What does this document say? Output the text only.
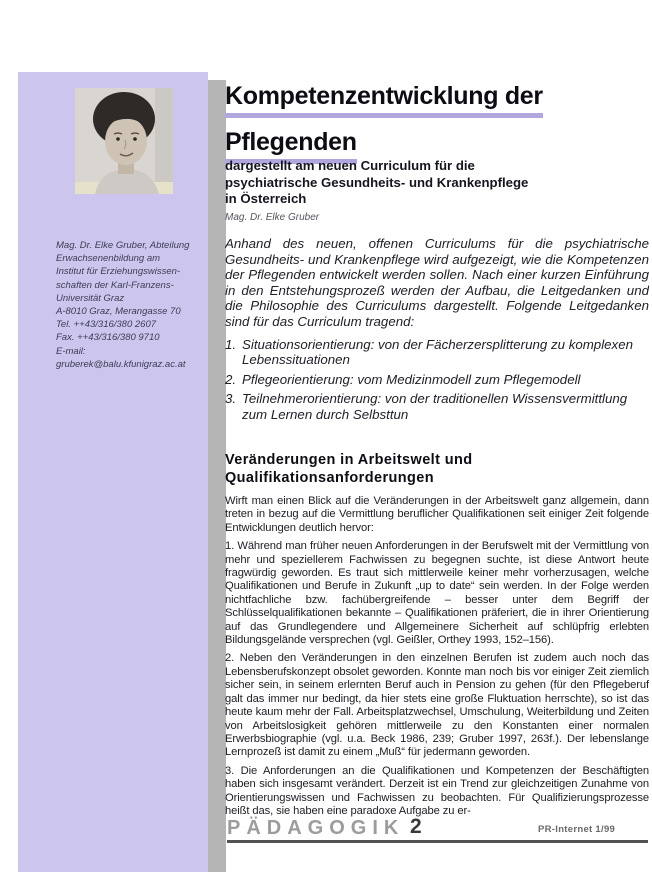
Mag. Dr. Elke Gruber, Abteilung
Erwachsenenbildung am
Institut für Erziehungswissen-
schaften der Karl-Franzens-
Universität Graz
A-8010 Graz, Merangasse 70
Tel. ++43/316/380 2607
Fax. ++43/316/380 9710
E-mail:
gruberek@balu.kfunigraz.ac.at
Kompetenzentwicklung der
Pflegenden
dargestellt am neuen Curriculum für die
psychiatrische Gesundheits- und Krankenpflege
in Österreich
Mag. Dr. Elke Gruber

Anhand des neuen, offenen Curriculums für die psychiatrische Gesundheits- und Krankenpflege wird aufgezeigt, wie die Kompetenzen der Pflegenden entwickelt werden sollen. Nach einer kurzen Einführung in den Entstehungsprozeß werden der Aufbau, die Leitgedanken und die Philosophie des Curriculums dargestellt. Folgende Leitgedanken sind für das Curriculum tragend:

1. Situationsorientierung: von der Fächerzersplitterung zu komplexen Lebenssituationen
2. Pflegeorientierung: vom Medizinmodell zum Pflegemodell
3. Teilnehmerorientierung: von der traditionellen Wissensvermittlung zum Lernen durch Selbsttun
Veränderungen in Arbeitswelt und
Qualifikationsanforderungen

Wirft man einen Blick auf die Veränderungen in der Arbeitswelt ganz allgemein, dann treten in bezug auf die Vermittlung beruflicher Qualifikationen seit einiger Zeit folgende Entwicklungen deutlich hervor:

1. Während man früher neuen Anforderungen in der Berufswelt mit der Vermittlung von mehr und speziellerem Fachwissen zu begegnen suchte, ist diese Antwort heute fragwürdig geworden. Es traut sich mittlerweile keiner mehr vorherzusagen, welche Qualifikationen und Berufe in Zukunft „up to date“ sein werden. In der Folge werden nichtfachliche bzw. fachübergreifende – besser unter dem Begriff der Schlüsselqualifikationen bekannte – Qualifikationen präferiert, die in ihrer Orientierung auf das Grundlegendere und Allgemeinere Sicherheit auf schlüpfrig erlebten Bildungsgelände versprechen (vgl. Geißler, Orthey 1993, 152–156).

2. Neben den Veränderungen in den einzelnen Berufen ist zudem auch noch das Lebensberufskonzept obsolet geworden. Konnte man noch bis vor einiger Zeit ziemlich sicher sein, in seinem erlernten Beruf auch in Pension zu gehen (für den Pflegeberuf galt das immer nur bedingt, da hier stets eine große Fluktuation herrschte), so ist das heute kaum mehr der Fall. Arbeitsplatzwechsel, Umschulung, Weiterbildung und Zeiten von Arbeitslosigkeit gehören mittlerweile zu den Konstanten einer normalen Erwerbsbiographie (vgl. u.a. Beck 1986, 239; Gruber 1997, 263f.). Der lebenslange Lernprozeß ist damit zu einem „Muß“ für jedermann geworden.

3. Die Anforderungen an die Qualifikationen und Kompetenzen der Beschäftigten haben sich insgesamt verändert. Derzeit ist ein Trend zur gleichzeitigen Zunahme von Orientierungswissen und Fachwissen zu beobachten. Für Qualifizierungsprozesse heißt das, sie haben eine paradoxe Aufgabe zu er-

PÄDAGOGIK 2	PR-Internet 1/99
